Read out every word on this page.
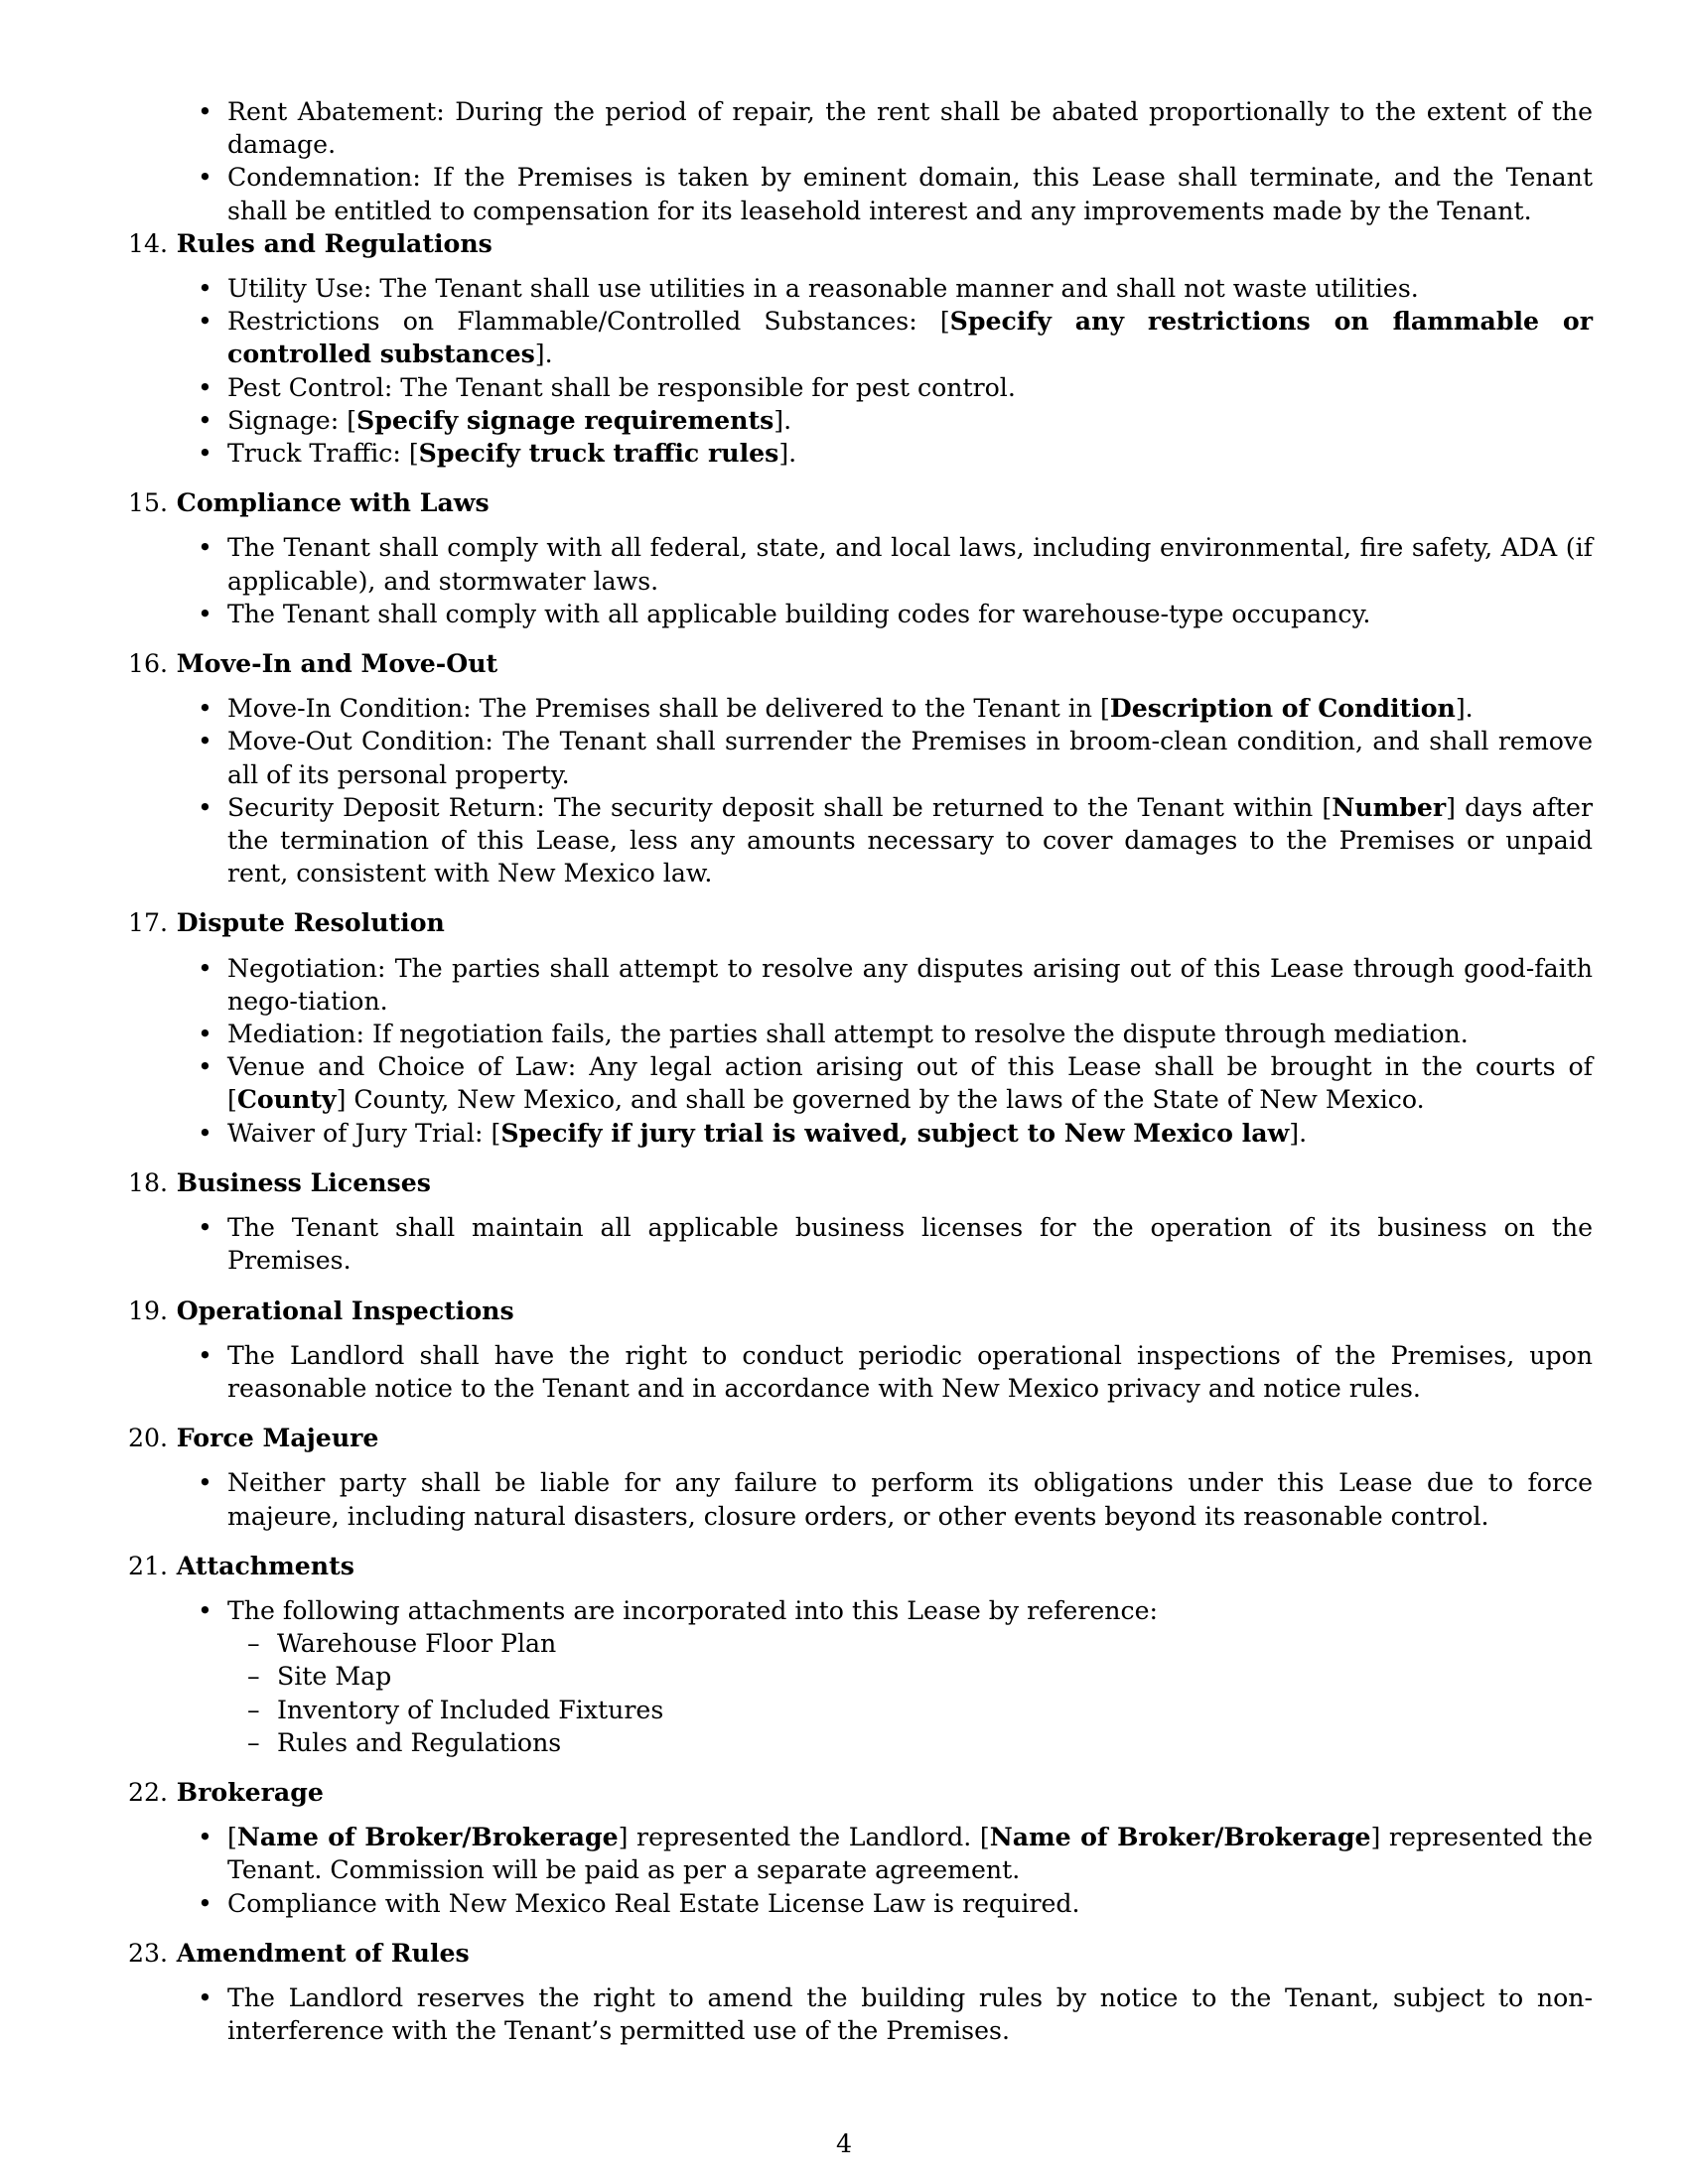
• Rent Abatement: During the period of repair, the rent shall be abated proportionally to the extent of the damage.
• Condemnation: If the Premises is taken by eminent domain, this Lease shall terminate, and the Tenant shall be entitled to compensation for its leasehold interest and any improvements made by the Tenant.
14.
Rules and Regulations
• Utility Use: The Tenant shall use utilities in a reasonable manner and shall not waste utilities.
• Restrictions on Flammable/Controlled Substances: [Specify any restrictions on flammable or controlled substances].
• Pest Control: The Tenant shall be responsible for pest control.
• Signage: [Specify signage requirements].
• Truck Traffic: [Specify truck traffic rules].
15.
Compliance with Laws
• The Tenant shall comply with all federal, state, and local laws, including environmental, fire safety, ADA (if applicable), and stormwater laws.
• The Tenant shall comply with all applicable building codes for warehouse-type occupancy.
16.
Move-In and Move-Out
• Move-In Condition: The Premises shall be delivered to the Tenant in [Description of Condition].
• Move-Out Condition: The Tenant shall surrender the Premises in broom-clean condition, and shall remove all of its personal property.
• Security Deposit Return: The security deposit shall be returned to the Tenant within [Number] days after the termination of this Lease, less any amounts necessary to cover damages to the Premises or unpaid rent, consistent with New Mexico law.
17.
Dispute Resolution
• Negotiation: The parties shall attempt to resolve any disputes arising out of this Lease through good-faith nego-tiation.
• Mediation: If negotiation fails, the parties shall attempt to resolve the dispute through mediation.
• Venue and Choice of Law: Any legal action arising out of this Lease shall be brought in the courts of [County] County, New Mexico, and shall be governed by the laws of the State of New Mexico.
• Waiver of Jury Trial: [Specify if jury trial is waived, subject to New Mexico law].
18.
Business Licenses
• The Tenant shall maintain all applicable business licenses for the operation of its business on the Premises.
19.
Operational Inspections
• The Landlord shall have the right to conduct periodic operational inspections of the Premises, upon reasonable notice to the Tenant and in accordance with New Mexico privacy and notice rules.
20.
Force Majeure
• Neither party shall be liable for any failure to perform its obligations under this Lease due to force majeure, including natural disasters, closure orders, or other events beyond its reasonable control.
21.
Attachments
• The following attachments are incorporated into this Lease by reference:
– Warehouse Floor Plan
– Site Map
– Inventory of Included Fixtures
– Rules and Regulations
22.
Brokerage
• [Name of Broker/Brokerage] represented the Landlord. [Name of Broker/Brokerage] represented the Tenant. Commission will be paid as per a separate agreement.
• Compliance with New Mexico Real Estate License Law is required.
23.
Amendment of Rules
• The Landlord reserves the right to amend the building rules by notice to the Tenant, subject to non-interference with the Tenant’s permitted use of the Premises.
4
